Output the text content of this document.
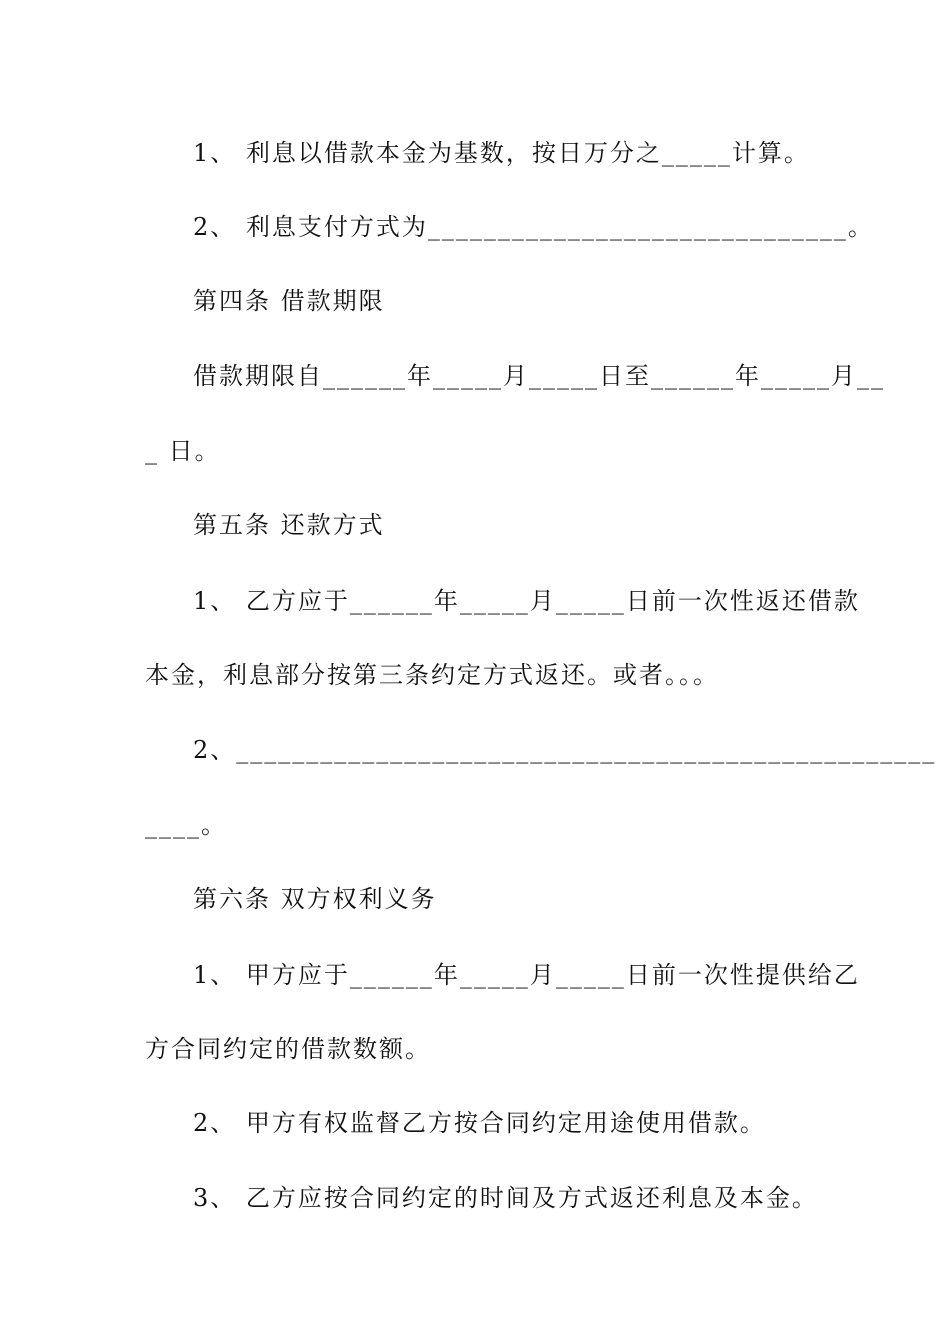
1、 利息以借款本金为基数，按日万分之_____计算。
2、 利息支付方式为______________________________。
第四条 借款期限
借款期限自______年_____月_____日至______年_____月__
_ 日。
第五条 还款方式
1、 乙方应于______年_____月_____日前一次性返还借款
本金，利息部分按第三条约定方式返还。或者。。。
2、__________________________________________________
____。
第六条 双方权利义务
1、 甲方应于______年_____月_____日前一次性提供给乙
方合同约定的借款数额。
2、 甲方有权监督乙方按合同约定用途使用借款。
3、 乙方应按合同约定的时间及方式返还利息及本金。
